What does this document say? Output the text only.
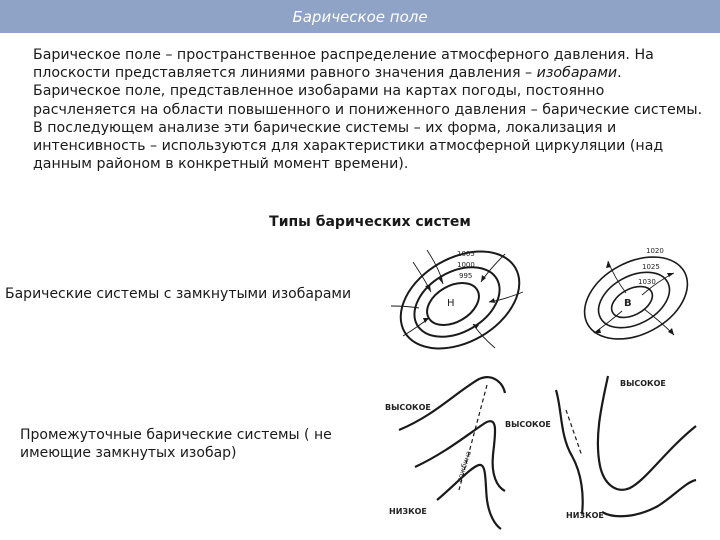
Барическое поле

Барическое поле – пространственное распределение атмосферного давления. На плоскости представляется линиями равного значения давления – изобарами. Барическое поле, представленное изобарами на картах погоды, постоянно расчленяется на области повышенного и пониженного давления – барические системы. В последующем анализе эти барические системы – их форма, локализация и интенсивность – используются для характеристики атмосферной циркуляции (над данным районом в конкретный момент времени).

Типы барических систем
Барические системы с замкнутыми изобарами
Промежуточные барические системы ( не имеющие замкнутых изобар)
Н
1005
1000
995
В
1020
1025
1030
ВЫСОКОЕ
ВЫСОКОЕ
НИЗКОЕ
ложбина
ВЫСОКОЕ
НИЗКОЕ
